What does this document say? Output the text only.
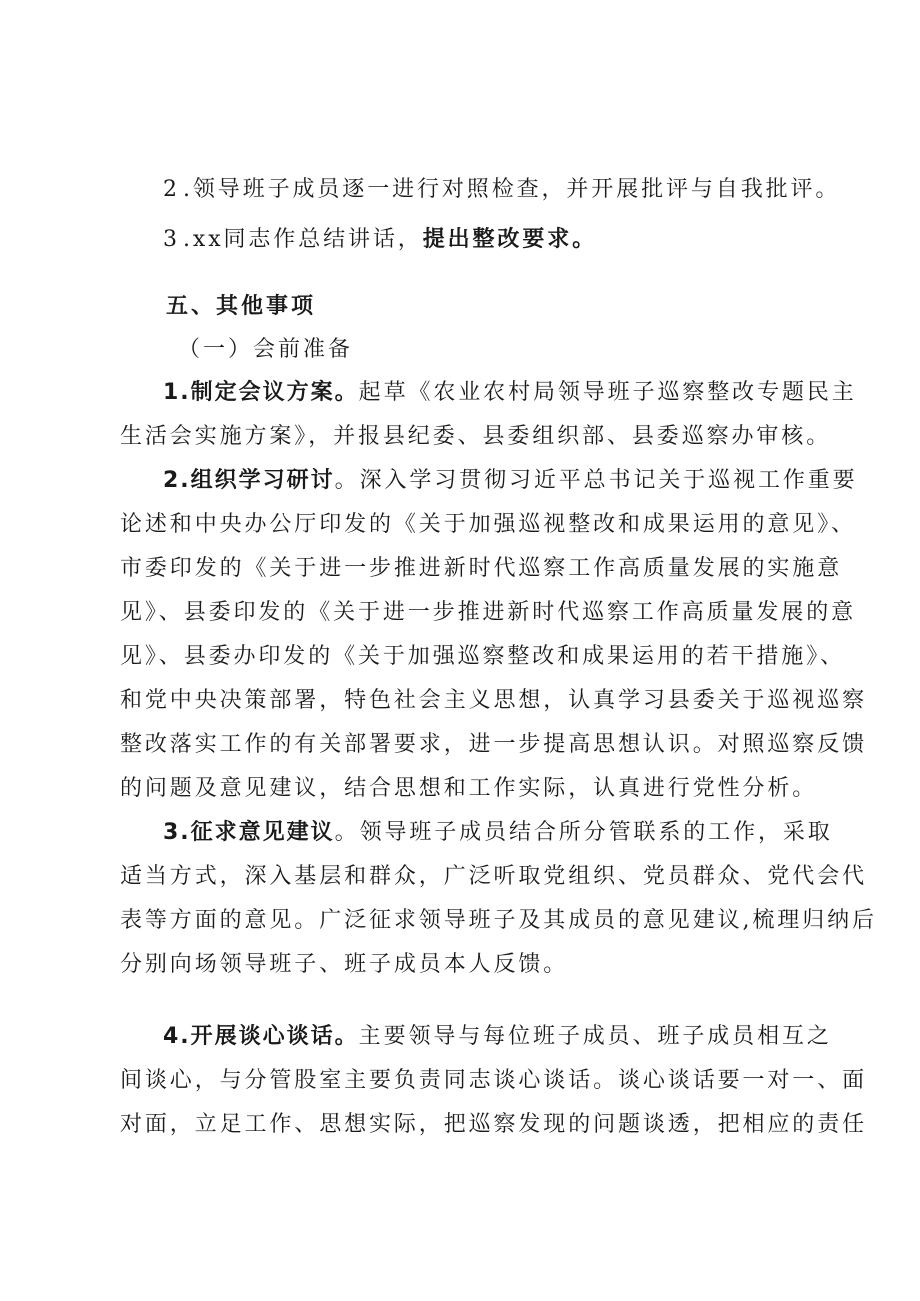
2.领导班子成员逐一进行对照检查，并开展批评与自我批评。
3.xx同志作总结讲话，提出整改要求。
五、其他事项
（一）会前准备
1.制定会议方案。起草《农业农村局领导班子巡察整改专题民主
生活会实施方案》，并报县纪委、县委组织部、县委巡察办审核。
2.组织学习研讨。深入学习贯彻习近平总书记关于巡视工作重要
论述和中央办公厅印发的《关于加强巡视整改和成果运用的意见》、
市委印发的《关于进一步推进新时代巡察工作高质量发展的实施意
见》、县委印发的《关于进一步推进新时代巡察工作高质量发展的意
见》、县委办印发的《关于加强巡察整改和成果运用的若干措施》、
和党中央决策部署，特色社会主义思想，认真学习县委关于巡视巡察
整改落实工作的有关部署要求，进一步提高思想认识。对照巡察反馈
的问题及意见建议，结合思想和工作实际，认真进行党性分析。
3.征求意见建议。领导班子成员结合所分管联系的工作，采取
适当方式，深入基层和群众，广泛听取党组织、党员群众、党代会代
表等方面的意见。广泛征求领导班子及其成员的意见建议,梳理归纳后
分别向场领导班子、班子成员本人反馈。
4.开展谈心谈话。主要领导与每位班子成员、班子成员相互之
间谈心，与分管股室主要负责同志谈心谈话。谈心谈话要一对一、面
对面，立足工作、思想实际，把巡察发现的问题谈透，把相应的责任
